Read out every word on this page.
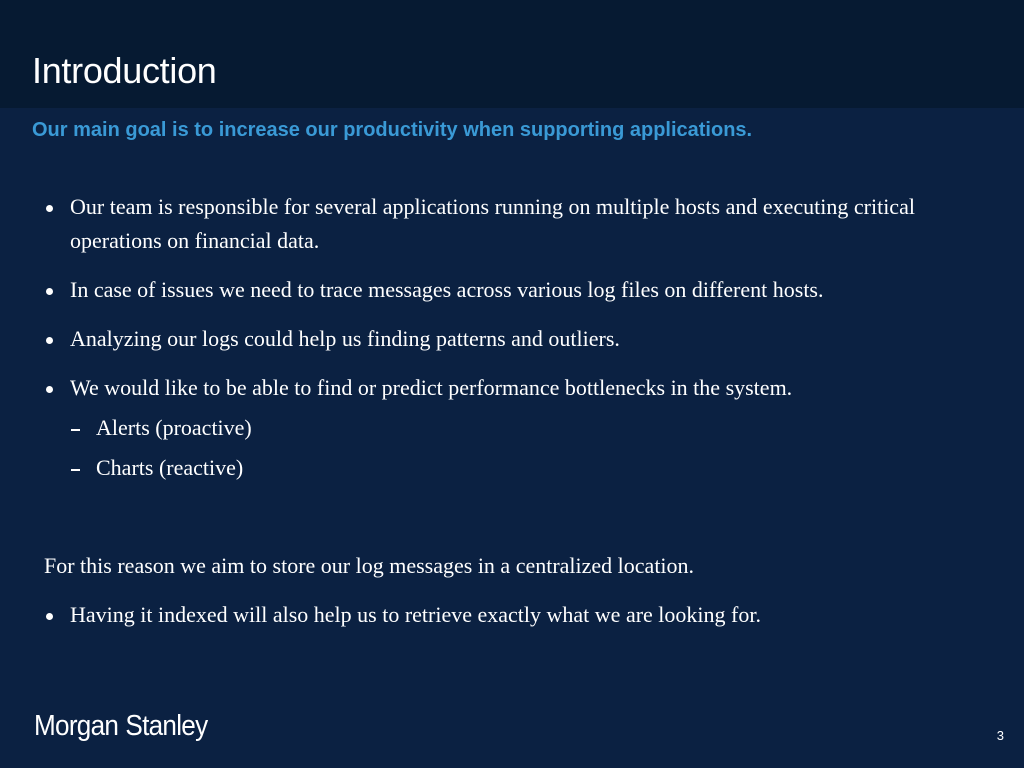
Introduction
Our main goal is to increase our productivity when supporting applications.
Our team is responsible for several applications running on multiple hosts and executing critical operations on financial data.
In case of issues we need to trace messages across various log files on different hosts.
Analyzing our logs could help us finding patterns and outliers.
We would like to be able to find or predict performance bottlenecks in the system.
Alerts (proactive)
Charts (reactive)
For this reason we aim to store our log messages in a centralized location.
Having it indexed will also help us to retrieve exactly what we are looking for.
Morgan Stanley	3
